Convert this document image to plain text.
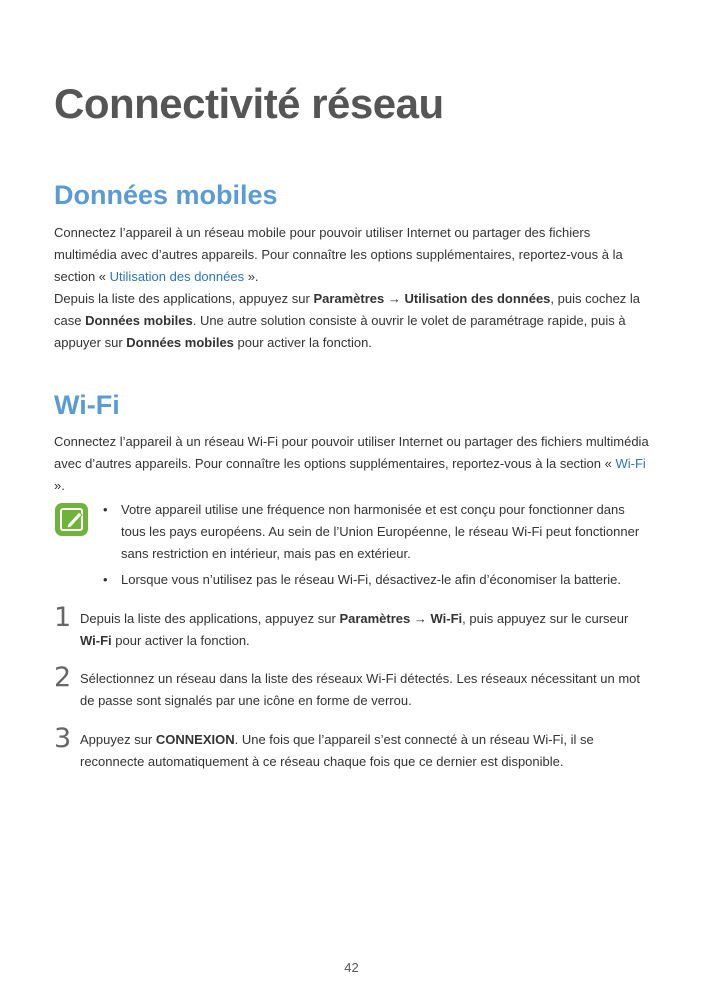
Connectivité réseau
Données mobiles

Connectez l’appareil à un réseau mobile pour pouvoir utiliser Internet ou partager des fichiers multimédia avec d’autres appareils. Pour connaître les options supplémentaires, reportez-vous à la section « Utilisation des données ».

Depuis la liste des applications, appuyez sur Paramètres → Utilisation des données, puis cochez la case Données mobiles. Une autre solution consiste à ouvrir le volet de paramétrage rapide, puis à appuyer sur Données mobiles pour activer la fonction.

Wi-Fi

Connectez l’appareil à un réseau Wi-Fi pour pouvoir utiliser Internet ou partager des fichiers multimédia avec d’autres appareils. Pour connaître les options supplémentaires, reportez-vous à la section « Wi-Fi ».

• Votre appareil utilise une fréquence non harmonisée et est conçu pour fonctionner dans tous les pays européens. Au sein de l’Union Européenne, le réseau Wi-Fi peut fonctionner sans restriction en intérieur, mais pas en extérieur.
• Lorsque vous n’utilisez pas le réseau Wi-Fi, désactivez-le afin d’économiser la batterie.
1 Depuis la liste des applications, appuyez sur Paramètres → Wi-Fi, puis appuyez sur le curseur Wi-Fi pour activer la fonction.

2 Sélectionnez un réseau dans la liste des réseaux Wi-Fi détectés. Les réseaux nécessitant un mot de passe sont signalés par une icône en forme de verrou.

3 Appuyez sur CONNEXION. Une fois que l’appareil s’est connecté à un réseau Wi-Fi, il se reconnecte automatiquement à ce réseau chaque fois que ce dernier est disponible.

42
